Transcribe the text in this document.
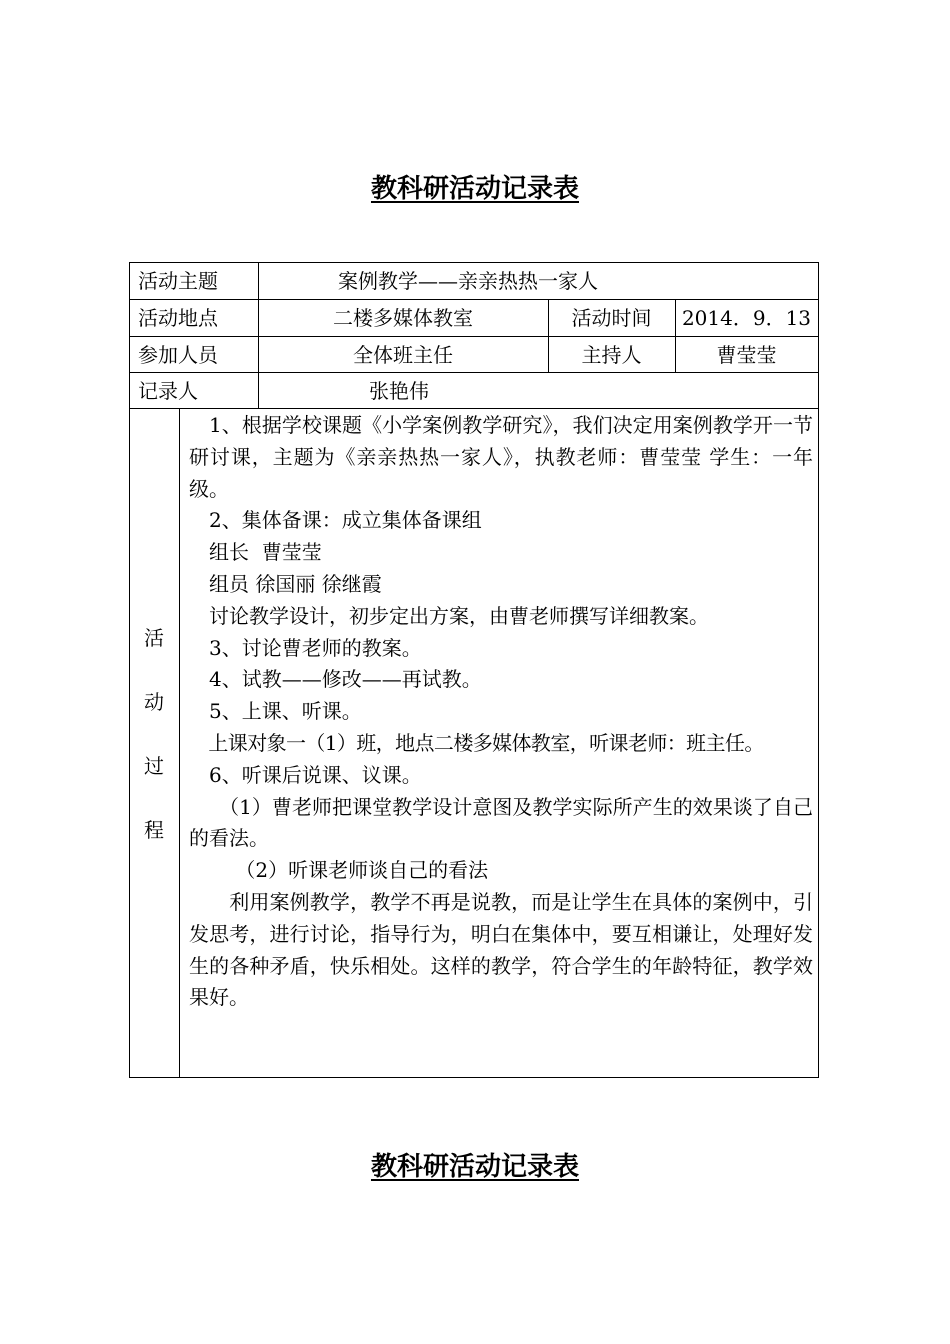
教科研活动记录表
活动主题	案例教学——亲亲热热一家人
活动地点	二楼多媒体教室	活动时间	2014．9．13
参加人员	全体班主任	主持人	曹莹莹
记录人	张艳伟
活
动
过
程

　1、根据学校课题《小学案例教学研究》，我们决定用案例教学开一节研讨课，主题为《亲亲热热一家人》，执教老师：曹莹莹 学生：一年级。

　2、集体备课：成立集体备课组

　组长  曹莹莹

　组员 徐国丽 徐继霞

　讨论教学设计，初步定出方案，由曹老师撰写详细教案。

　3、讨论曹老师的教案。

　4、试教——修改——再试教。

　5、上课、听课。

　上课对象一（1）班，地点二楼多媒体教室，听课老师：班主任。

　6、听课后说课、议课。

　　（1）曹老师把课堂教学设计意图及教学实际所产生的效果谈了自己的看法。

　　 （2）听课老师谈自己的看法

　　利用案例教学，教学不再是说教，而是让学生在具体的案例中，引发思考，进行讨论，指导行为，明白在集体中，要互相谦让，处理好发生的各种矛盾，快乐相处。这样的教学，符合学生的年龄特征，教学效果好。

教科研活动记录表
